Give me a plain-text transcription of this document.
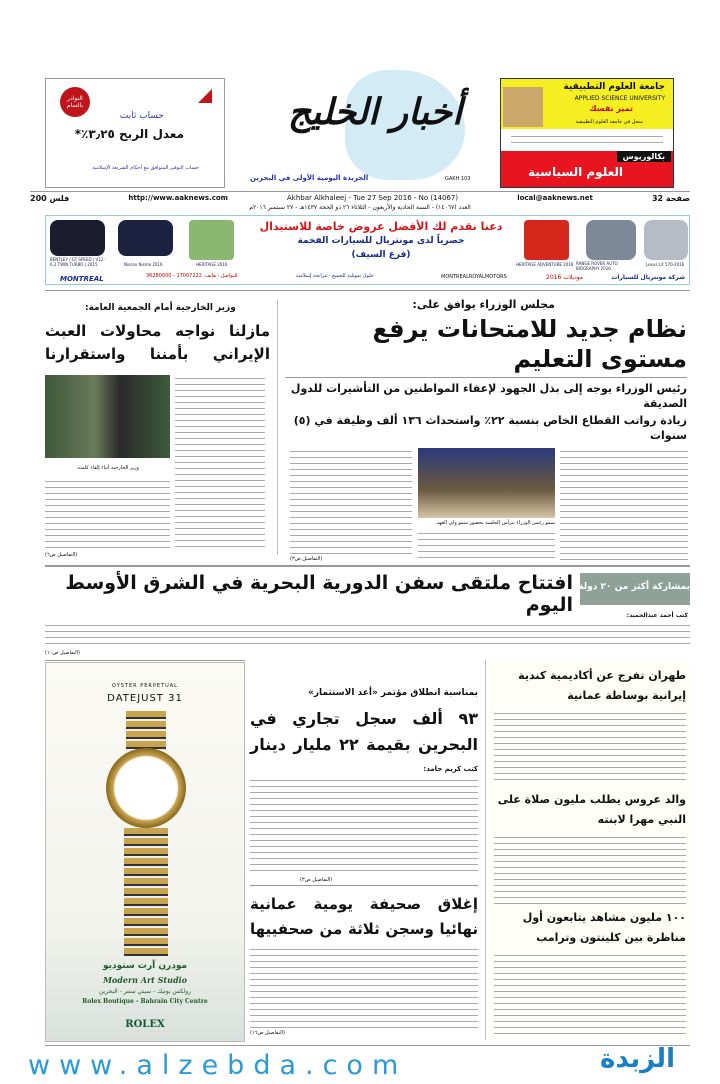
النوادر بالتمام
حساب ثابت
معدل الربح ٣٫٢٥٪*
حساب التوفير المتوافق مع أحكام الشريعة الإسلامية
أخبار الخليج
الجريدة اليومية الأولى في البحرين	GAKH 103
جامعة العلوم التطبيقية
APPLIED SCIENCE UNIVERSITY
تميز نفسك
سجل في جامعة العلوم التطبيقية
بكالوريوس
العلوم السياسية
200 فلس	http://www.aaknews.com	Akhbar Alkhaleej - Tue 27 Sep 2016 - No (14067)	local@aaknews.net	32 صفحة
العدد (١٤٠٦٧) - السنة الحادية والأربعون - الثلاثاء ٢٦ ذو الحجة ١٤٣٧هـ - ٢٧ سبتمبر ٢٠١٦م
BENTLEY / GT SPEED | V12 - 6.2 TWIN TURBO | 2015	Nissan Nismo 2016	HERITAGE 2016	HERITAGE ADVENTURE 2016 RANGE ROVER AUTO BIOGRAPHY 2016
Lexus LX 570-2016
دعنا نقدم لك الأفضل عروض خاصة للاستبدال
حصرياً لدى مونتريال للسيارات الفخمة
(فرع السيف)
MONTREAL	للتواصل - هاتف: 17007222 - 36280000	حلول تمويلية للجميع - مرابحة إسلامية	MONTREALROYALMOTORS	موديلات 2016	شركة مونتريال للسيارات
مجلس الوزراء يوافق على:
نظام جديد للامتحانات يرفع مستوى التعليم
رئيس الوزراء يوجه إلى بذل الجهود لإعفاء المواطنين من التأشيرات للدول الصديقة
زيادة رواتب القطاع الخاص بنسبة ٢٢٪ واستحداث ١٣٦ ألف وظيفة في (٥) سنوات
سمو رئيس الوزراء يترأس الجلسة بحضور سمو ولي العهد.
(التفاصيل ص٣)
وزير الخارجية أمام الجمعية العامة:
مازلنا نواجه محاولات العبث الإيراني بأمننا واستقرارنا
وزير الخارجية أثناء إلقاء كلمته.
(التفاصيل ص٦)
بمشاركة أكثر من ٢٠ دولة
افتتاح ملتقى سفن الدورية البحرية في الشرق الأوسط اليوم	كتب أحمد عبدالحميد:
(التفاصيل ص١٠)
OYSTER PERPETUAL
DATEJUST 31
مودرن آرت ستوديو
Modern Art Studio
رولكس بوتيك - سيتي سنتر - البحرين
Rolex Boutique - Bahrain City Centre
ROLEX
بمناسبة انطلاق مؤتمر «أعد الاستثمار»
٩٣ ألف سجل تجاري في البحرين بقيمة ٢٢ مليار دينار
كتب كريم حامد:
(التفاصيل ص٣)
إغلاق صحيفة يومية عمانية نهائيا وسجن ثلاثة من صحفييها
(التفاصيل ص١٦)
طهران تفرج عن أكاديمية كندية إيرانية بوساطة عمانية
والد عروس يطلب مليون صلاة على النبي مهرا لابنته
١٠٠ مليون مشاهد يتابعون أول مناظرة بين كلينتون وترامب
www.alzebda.com	الزبدة
